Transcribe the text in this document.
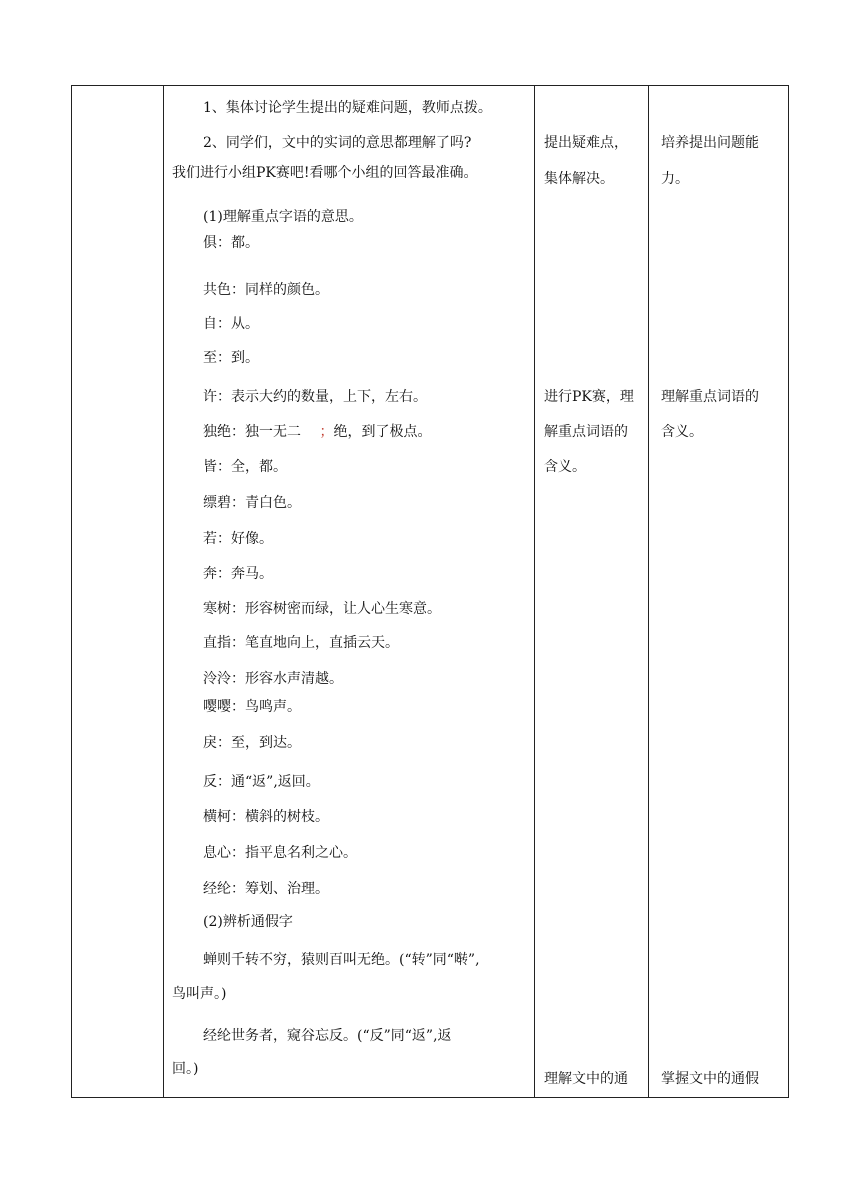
1、集体讨论学生提出的疑难问题，教师点拨。
2、同学们，文中的实词的意思都理解了吗?
我们进行小组PK赛吧!看哪个小组的回答最准确。
(1)理解重点字语的意思。
俱：都。
共色：同样的颜色。
自：从。
至：到。
许：表示大约的数量，上下，左右。
独绝：独一无二 ；绝，到了极点。
皆：全，都。
缥碧：青白色。
若：好像。
奔：奔马。
寒树：形容树密而绿，让人心生寒意。
直指：笔直地向上，直插云天。
泠泠：形容水声清越。
嘤嘤：鸟鸣声。
戾：至，到达。
反：通“返”,返回。
横柯：横斜的树枝。
息心：指平息名利之心。
经纶：筹划、治理。
(2)辨析通假字
蝉则千转不穷，猿则百叫无绝。(“转”同“啭”,
鸟叫声。)
经纶世务者，窥谷忘反。(“反”同“返”,返
回。)
提出疑难点，
集体解决。
进行PK赛，理
解重点词语的
含义。
理解文中的通
培养提出问题能
力。
理解重点词语的
含义。
掌握文中的通假
